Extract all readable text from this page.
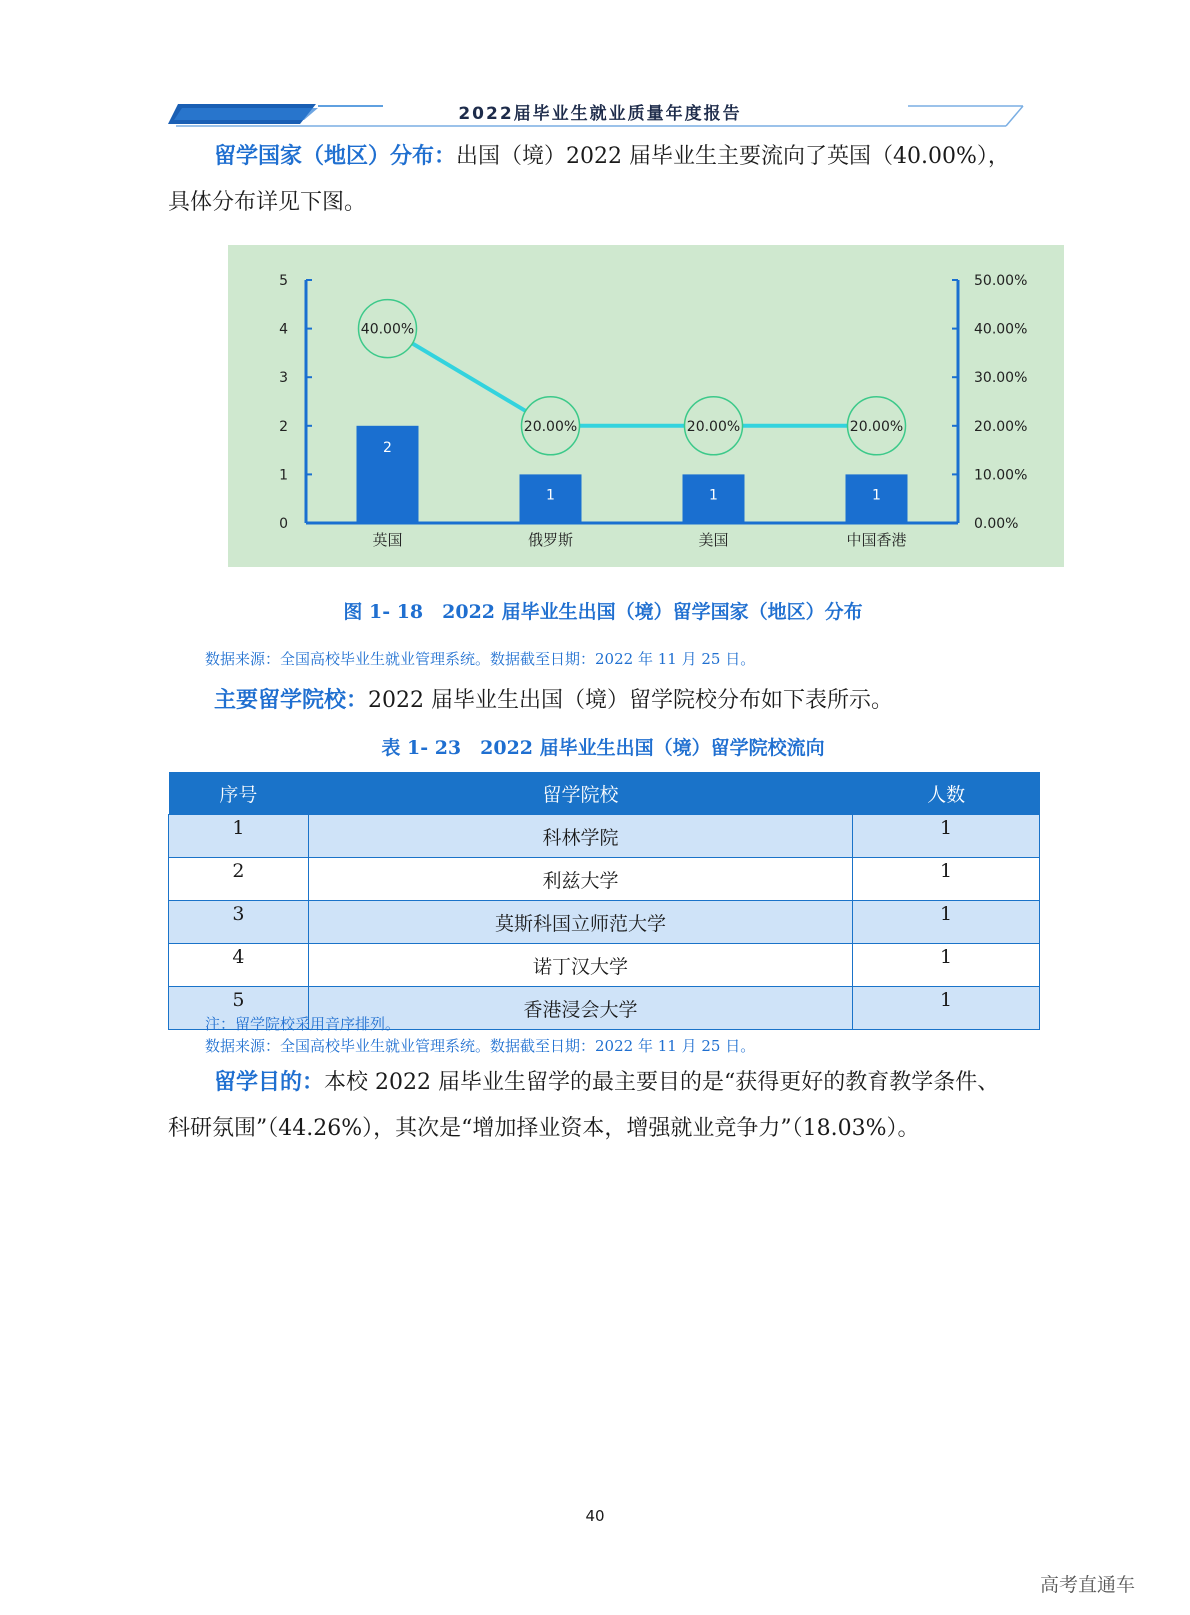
2022届毕业生就业质量年度报告
留学国家（地区）分布：出国（境）2022 届毕业生主要流向了英国（40.00%），
具体分布详见下图。
0
1
2
3
4
5
0.00%
10.00%
20.00%
30.00%
40.00%
50.00%
2
1	1	1
英国	俄罗斯	美国	中国香港
40.00%
20.00%	20.00%	20.00%
图 1- 18　2022 届毕业生出国（境）留学国家（地区）分布
数据来源：全国高校毕业生就业管理系统。数据截至日期：2022 年 11 月 25 日。
主要留学院校：2022 届毕业生出国（境）留学院校分布如下表所示。
表 1- 23　2022 届毕业生出国（境）留学院校流向
序号	留学院校	人数
1	科林学院	1
2	利兹大学	1
3	莫斯科国立师范大学	1
4	诺丁汉大学	1
5	香港浸会大学	1
注：留学院校采用音序排列。
数据来源：全国高校毕业生就业管理系统。数据截至日期：2022 年 11 月 25 日。
留学目的：本校 2022 届毕业生留学的最主要目的是“获得更好的教育教学条件、
科研氛围”（44.26%），其次是“增加择业资本，增强就业竞争力”（18.03%）。
40
高考直通车
